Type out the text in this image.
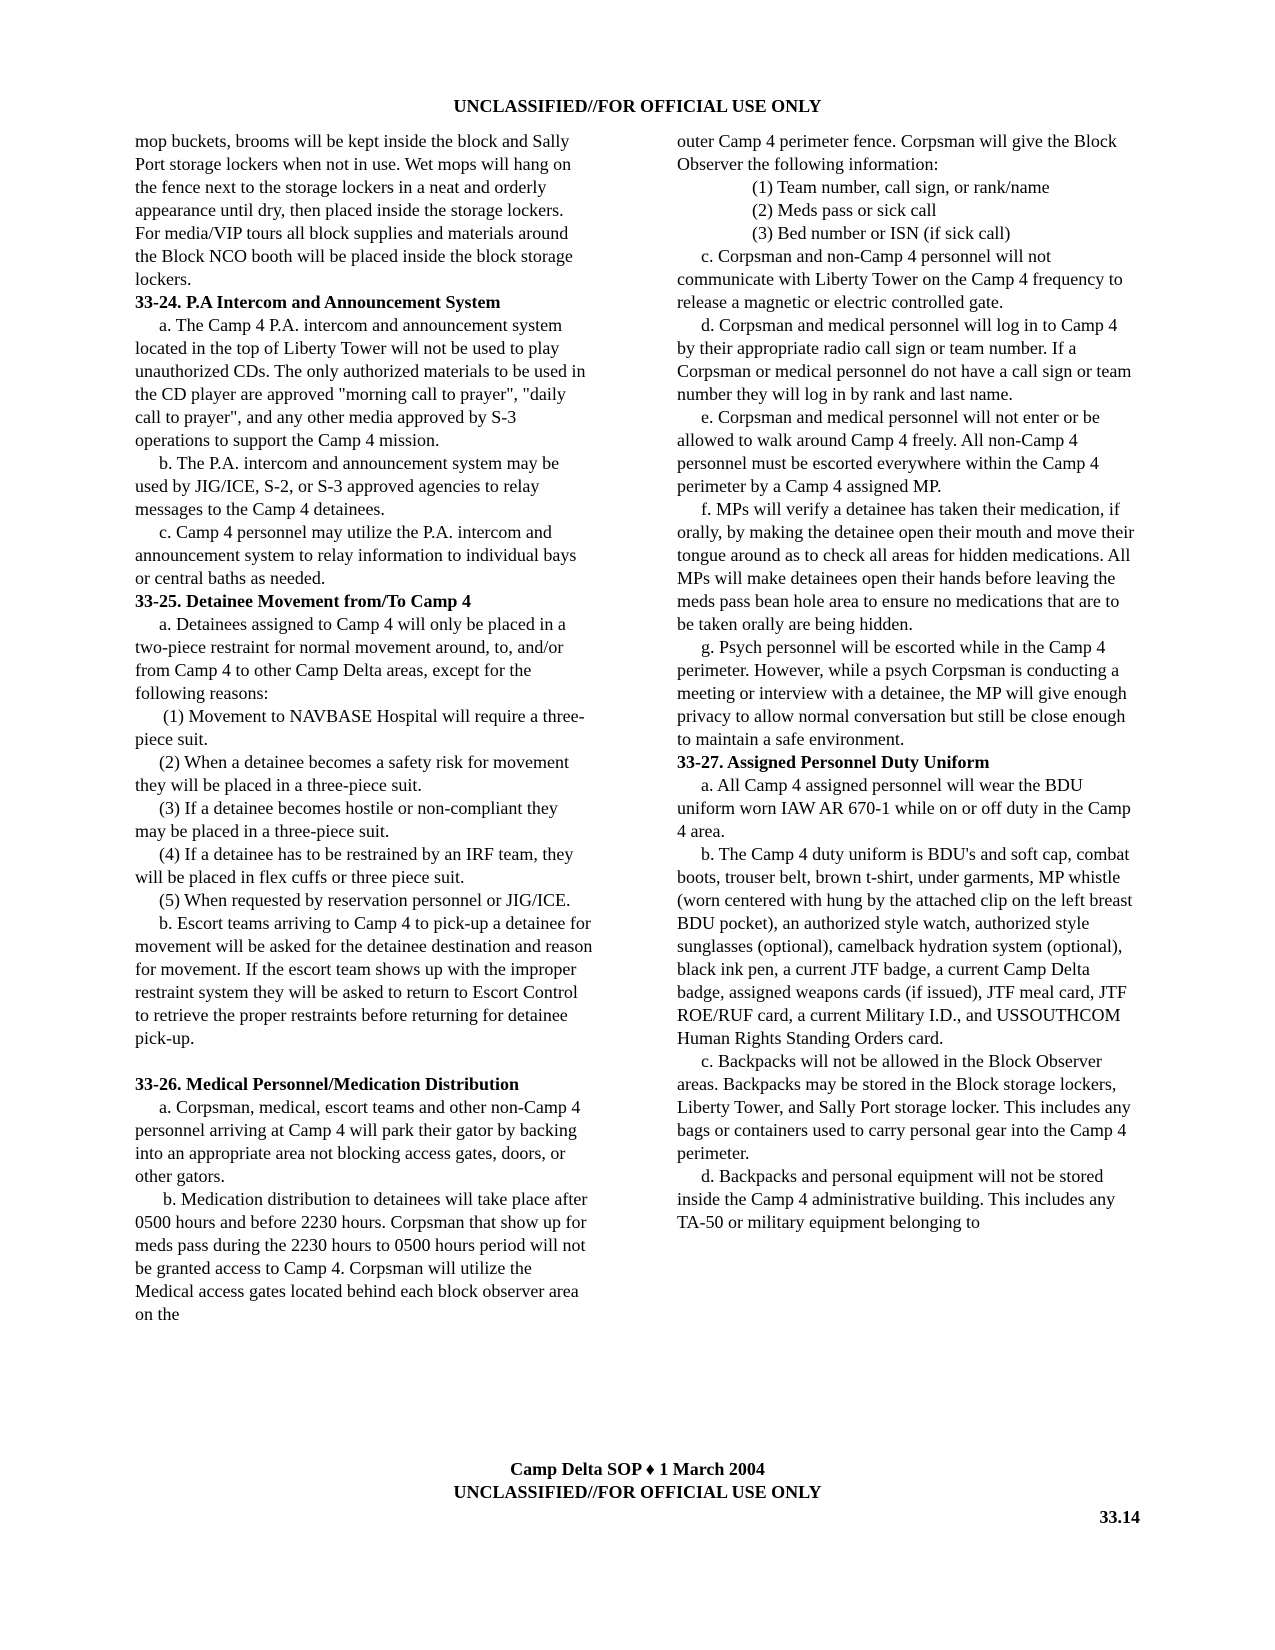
UNCLASSIFIED//FOR OFFICIAL USE ONLY

mop buckets, brooms will be kept inside the block and Sally Port storage lockers when not in use. Wet mops will hang on the fence next to the storage lockers in a neat and orderly appearance until dry, then placed inside the storage lockers. For media/VIP tours all block supplies and materials around the Block NCO booth will be placed inside the block storage lockers.

33-24. P.A Intercom and Announcement System

a. The Camp 4 P.A. intercom and announcement system located in the top of Liberty Tower will not be used to play unauthorized CDs. The only authorized materials to be used in the CD player are approved "morning call to prayer", "daily call to prayer", and any other media approved by S-3 operations to support the Camp 4 mission.

b. The P.A. intercom and announcement system may be used by JIG/ICE, S-2, or S-3 approved agencies to relay messages to the Camp 4 detainees.

c. Camp 4 personnel may utilize the P.A. intercom and announcement system to relay information to individual bays or central baths as needed.

33-25. Detainee Movement from/To Camp 4

a. Detainees assigned to Camp 4 will only be placed in a two-piece restraint for normal movement around, to, and/or from Camp 4 to other Camp Delta areas, except for the following reasons:

(1) Movement to NAVBASE Hospital will require a three-piece suit.

(2) When a detainee becomes a safety risk for movement they will be placed in a three-piece suit.

(3) If a detainee becomes hostile or non-compliant they may be placed in a three-piece suit.

(4) If a detainee has to be restrained by an IRF team, they will be placed in flex cuffs or three piece suit.

(5) When requested by reservation personnel or JIG/ICE.

b. Escort teams arriving to Camp 4 to pick-up a detainee for movement will be asked for the detainee destination and reason for movement. If the escort team shows up with the improper restraint system they will be asked to return to Escort Control to retrieve the proper restraints before returning for detainee pick-up.

33-26. Medical Personnel/Medication Distribution

a. Corpsman, medical, escort teams and other non-Camp 4 personnel arriving at Camp 4 will park their gator by backing into an appropriate area not blocking access gates, doors, or other gators.

b. Medication distribution to detainees will take place after 0500 hours and before 2230 hours. Corpsman that show up for meds pass during the 2230 hours to 0500 hours period will not be granted access to Camp 4. Corpsman will utilize the Medical access gates located behind each block observer area on the

outer Camp 4 perimeter fence. Corpsman will give the Block Observer the following information:

(1) Team number, call sign, or rank/name

(2) Meds pass or sick call

(3) Bed number or ISN (if sick call)

c. Corpsman and non-Camp 4 personnel will not communicate with Liberty Tower on the Camp 4 frequency to release a magnetic or electric controlled gate.

d. Corpsman and medical personnel will log in to Camp 4 by their appropriate radio call sign or team number. If a Corpsman or medical personnel do not have a call sign or team number they will log in by rank and last name.

e. Corpsman and medical personnel will not enter or be allowed to walk around Camp 4 freely. All non-Camp 4 personnel must be escorted everywhere within the Camp 4 perimeter by a Camp 4 assigned MP.

f. MPs will verify a detainee has taken their medication, if orally, by making the detainee open their mouth and move their tongue around as to check all areas for hidden medications. All MPs will make detainees open their hands before leaving the meds pass bean hole area to ensure no medications that are to be taken orally are being hidden.

g. Psych personnel will be escorted while in the Camp 4 perimeter. However, while a psych Corpsman is conducting a meeting or interview with a detainee, the MP will give enough privacy to allow normal conversation but still be close enough to maintain a safe environment.

33-27. Assigned Personnel Duty Uniform

a. All Camp 4 assigned personnel will wear the BDU uniform worn IAW AR 670-1 while on or off duty in the Camp 4 area.

b. The Camp 4 duty uniform is BDU's and soft cap, combat boots, trouser belt, brown t-shirt, under garments, MP whistle (worn centered with hung by the attached clip on the left breast BDU pocket), an authorized style watch, authorized style sunglasses (optional), camelback hydration system (optional), black ink pen, a current JTF badge, a current Camp Delta badge, assigned weapons cards (if issued), JTF meal card, JTF ROE/RUF card, a current Military I.D., and USSOUTHCOM Human Rights Standing Orders card.

c. Backpacks will not be allowed in the Block Observer areas. Backpacks may be stored in the Block storage lockers, Liberty Tower, and Sally Port storage locker. This includes any bags or containers used to carry personal gear into the Camp 4 perimeter.

d. Backpacks and personal equipment will not be stored inside the Camp 4 administrative building. This includes any TA-50 or military equipment belonging to

Camp Delta SOP ♦ 1 March 2004
UNCLASSIFIED//FOR OFFICIAL USE ONLY
33.14
